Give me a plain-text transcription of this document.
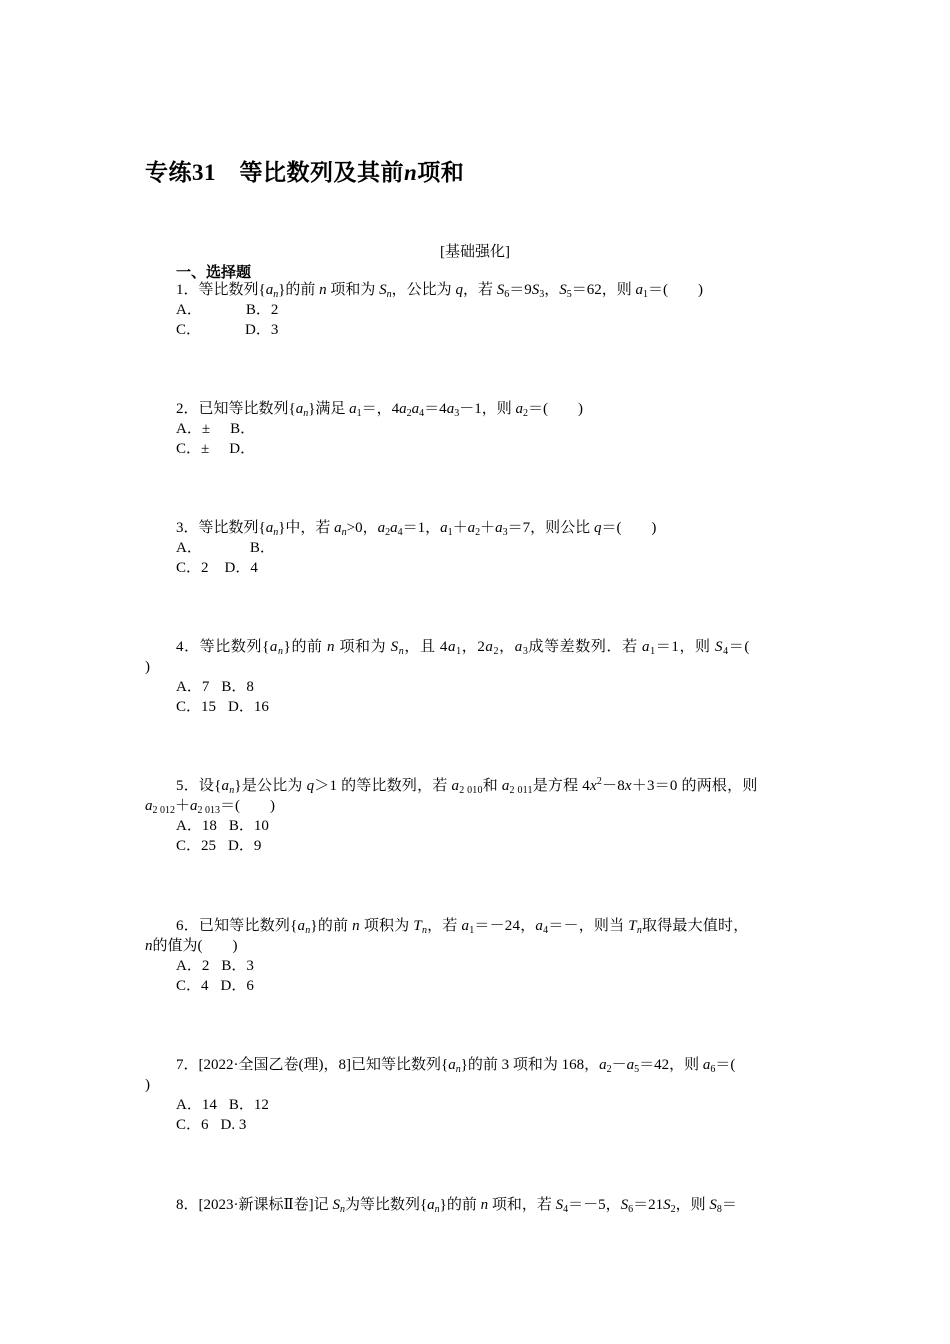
专练31　 等比数列及其前n项和
[基础强化]
一、选择题
1．等比数列$\{a_n\}$的前 n 项和为 $S_n$，公比为 q，若 $S_6=9S_3$，$S_5=62$，则 $a_1=$(　　)
A．	B．2
C．	D．3
2．已知等比数列$\{a_n\}$满足 $a_1=$，$4a_2a_4=4a_3-1$，则 $a_2=$(　　)
A．± B．
C．± D．
3．等比数列$\{a_n\}$中，若 $a_n>0$，$a_2a_4=1$，$a_1+a_2+a_3=7$，则公比 q＝(　　)
A．	B．
C．2 D．4
4．等比数列$\{a_n\}$的前 n 项和为 $S_n$，且 $4a_1$，$2a_2$，$a_3$成等差数列．若 $a_1=1$，则 $S_4=$(
)
A．7 B．8
C．15 D．16
5．设$\{a_n\}$是公比为 q＞1 的等比数列，若 $a_{2 010}$和 $a_{2 011}$是方程 $4x^2-8x+3=0$ 的两根，则
$a_{2 012}+a_{2 013}=$(　　)
A．18 B．10
C．25 D．9
6．已知等比数列$\{a_n\}$的前 n 项积为 $T_n$，若 $a_1=-24$，$a_4=-$，则当 $T_n$取得最大值时，
n的值为(　　)
A．2 B．3
C．4 D．6
7．[2022·全国乙卷(理)，8]已知等比数列$\{a_n\}$的前 3 项和为 168，$a_2-a_5=42$，则 $a_6=$(
)
A．14 B．12
C．6 D. 3
8．[2023·新课标Ⅱ卷]记 $S_n$为等比数列$\{a_n\}$的前 n 项和，若 $S_4=-5$，$S_6=21S_2$，则 $S_8=$
